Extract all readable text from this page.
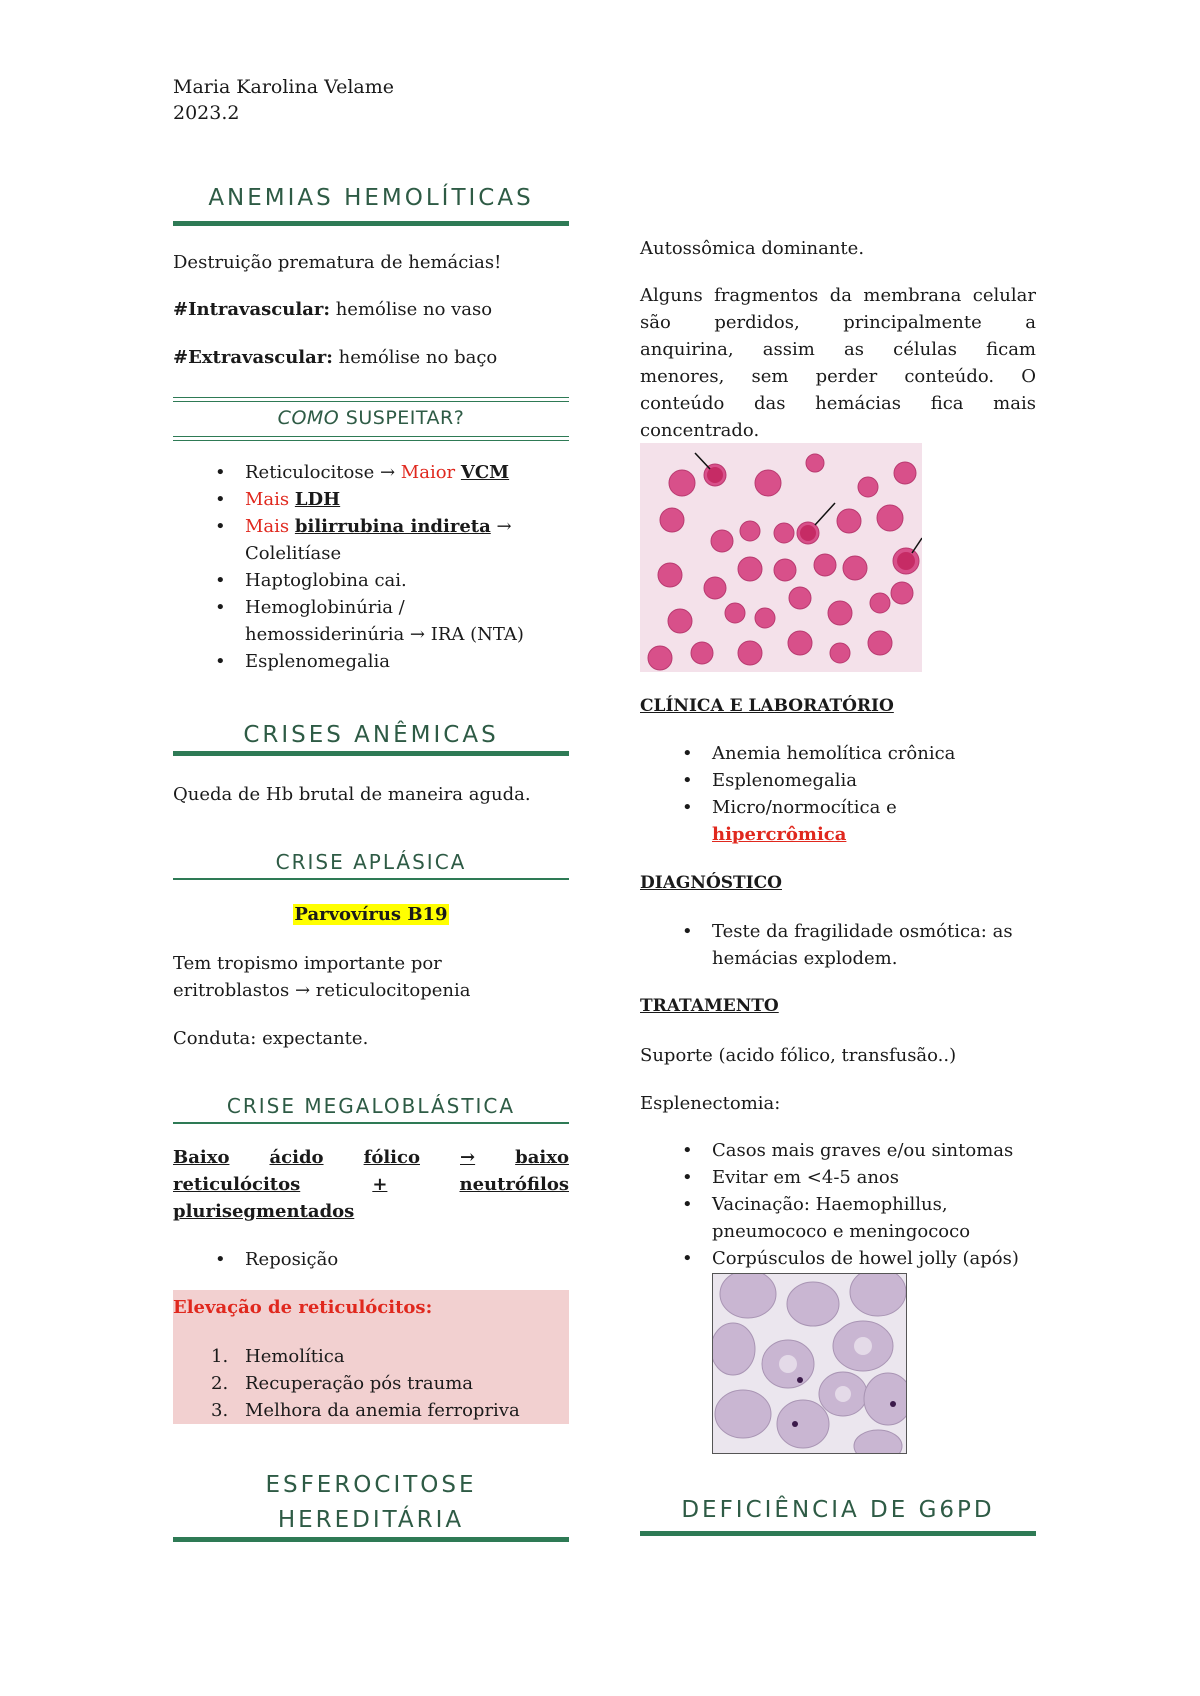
Maria Karolina Velame
2023.2
ANEMIAS HEMOLÍTICAS
Destruição prematura de hemácias!
#Intravascular: hemólise no vaso
#Extravascular: hemólise no baço
COMO SUSPEITAR?
• Reticulocitose → Maior VCM
• Mais LDH
• Mais bilirrubina indireta →
Colelitíase
• Haptoglobina cai.
• Hemoglobinúria /
hemossiderinúria → IRA (NTA)
• Esplenomegalia
CRISES ANÊMICAS
Queda de Hb brutal de maneira aguda.
CRISE APLÁSICA
Parvovírus B19
Tem tropismo importante por
eritroblastos → reticulocitopenia
Conduta: expectante.
CRISE MEGALOBLÁSTICA
Baixo ácido fólico → baixo
reticulócitos	+	neutrófilos
plurisegmentados
• Reposição
Elevação de reticulócitos:
1. Hemolítica
2. Recuperação pós trauma
3. Melhora da anemia ferropriva
ESFEROCITOSE
HEREDITÁRIA
Autossômica dominante.
Alguns fragmentos da membrana celular
são perdidos, principalmente a
anquirina, assim as células ficam
menores, sem perder conteúdo. O
conteúdo das hemácias fica mais
concentrado.
CLÍNICA E LABORATÓRIO
• Anemia hemolítica crônica
• Esplenomegalia
• Micro/normocítica e
hipercrômica
DIAGNÓSTICO
• Teste da fragilidade osmótica: as
hemácias explodem.
TRATAMENTO
Suporte (acido fólico, transfusão..)
Esplenectomia:
• Casos mais graves e/ou sintomas
• Evitar em <4-5 anos
• Vacinação: Haemophillus,
pneumococo e meningococo
• Corpúsculos de howel jolly (após)
DEFICIÊNCIA DE G6PD
